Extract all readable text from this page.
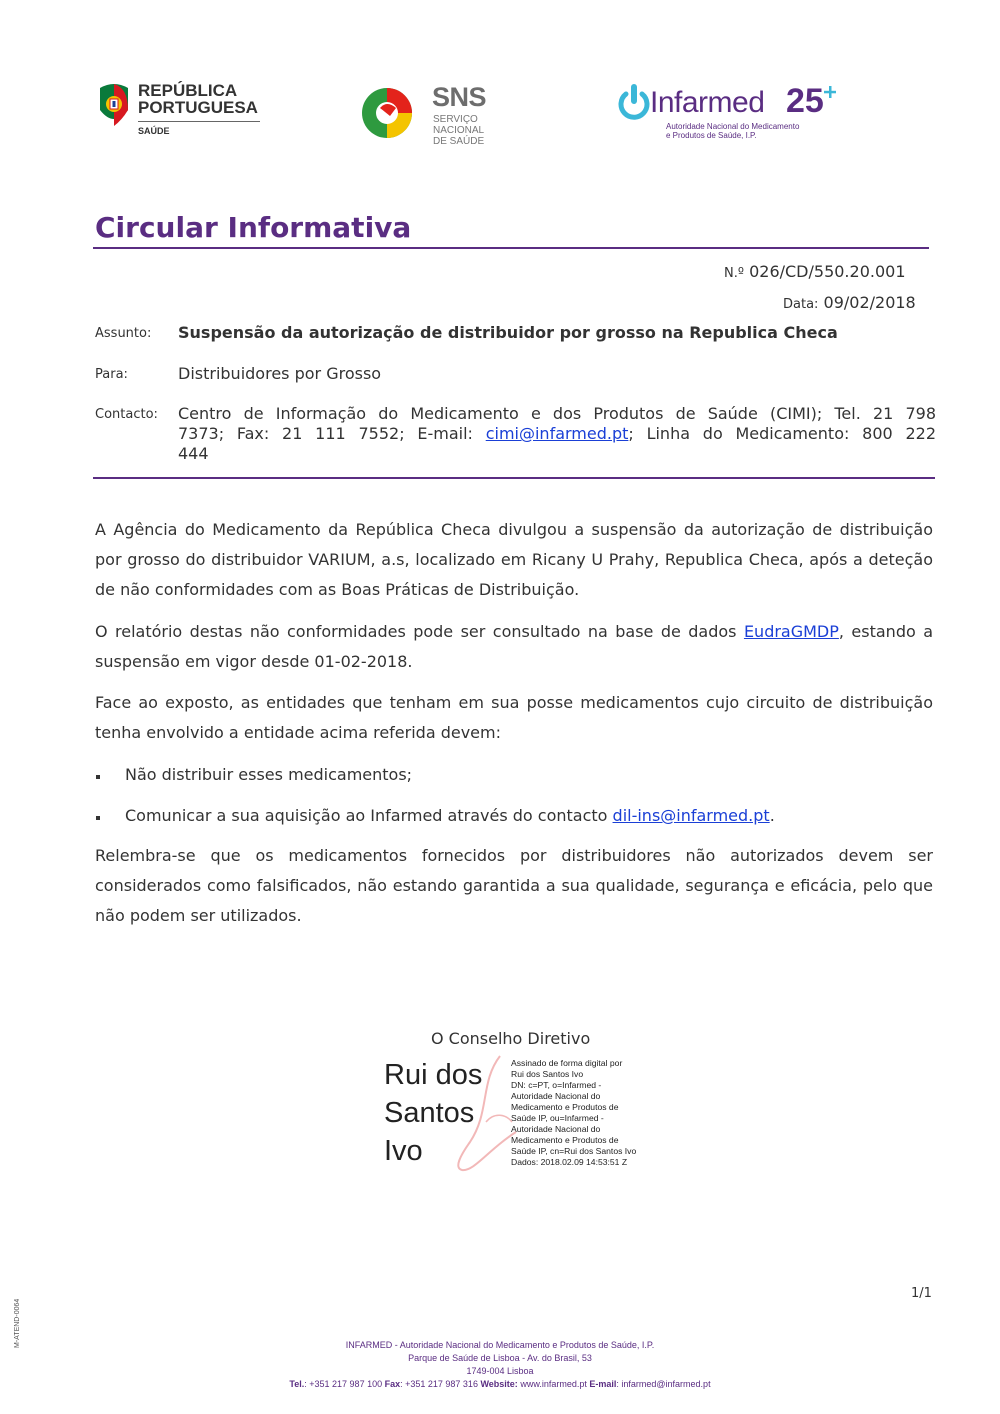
REPÚBLICA
PORTUGUESA
SAÚDE
SNS
SERVIÇO NACIONAL
DE SAÚDE
Infarmed 25
Autoridade Nacional do Medicamento
e Produtos de Saúde, I.P.
Circular Informativa
N.º 026/CD/550.20.001
Data: 09/02/2018
Assunto: Suspensão da autorização de distribuidor por grosso na Republica Checa
Para:	Distribuidores por Grosso
Contacto: Centro de Informação do Medicamento e dos Produtos de Saúde (CIMI); Tel. 21 798
7373; Fax: 21 111 7552; E-mail: cimi@infarmed.pt; Linha do Medicamento: 800 222
444

A Agência do Medicamento da República Checa divulgou a suspensão da autorização de distribuição por grosso do distribuidor VARIUM, a.s, localizado em Ricany U Prahy, Republica Checa, após a deteção de não conformidades com as Boas Práticas de Distribuição.

O relatório destas não conformidades pode ser consultado na base de dados EudraGMDP, estando a suspensão em vigor desde 01-02-2018.

Face ao exposto, as entidades que tenham em sua posse medicamentos cujo circuito de distribuição tenha envolvido a entidade acima referida devem:

Não distribuir esses medicamentos;
Comunicar a sua aquisição ao Infarmed através do contacto dil-ins@infarmed.pt.

Relembra-se que os medicamentos fornecidos por distribuidores não autorizados devem ser considerados como falsificados, não estando garantida a sua qualidade, segurança e eficácia, pelo que não podem ser utilizados.

O Conselho Diretivo
Rui dos
Santos
Ivo
Assinado de forma digital por
Rui dos Santos Ivo
DN: c=PT, o=Infarmed -
Autoridade Nacional do
Medicamento e Produtos de
Saúde IP, ou=Infarmed -
Autoridade Nacional do
Medicamento e Produtos de
Saúde IP, cn=Rui dos Santos Ivo
Dados: 2018.02.09 14:53:51 Z
1/1
M-ATEND-0064	INFARMED - Autoridade Nacional do Medicamento e Produtos de Saúde, I.P.
Parque de Saúde de Lisboa - Av. do Brasil, 53
1749-004 Lisboa
Tel.: +351 217 987 100 Fax: +351 217 987 316 Website: www.infarmed.pt E-mail: infarmed@infarmed.pt
